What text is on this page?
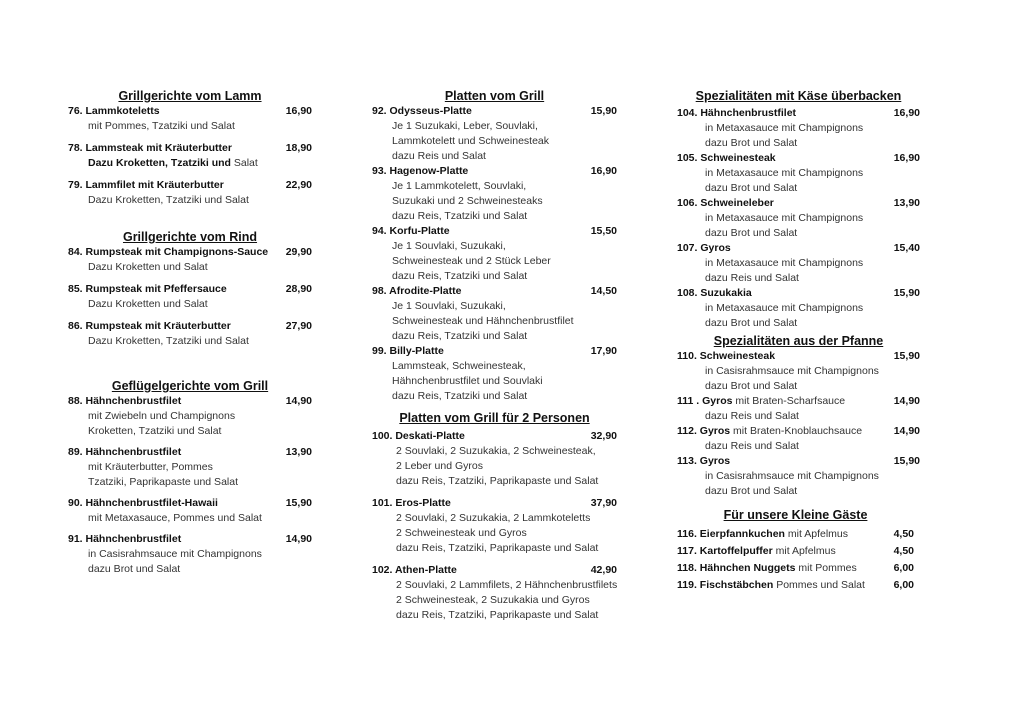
Grillgerichte vom Lamm
76. Lammkoteletts	16,90
mit Pommes, Tzatziki und Salat
78. Lammsteak mit Kräuterbutter	18,90
Dazu Kroketten, Tzatziki und Salat
79. Lammfilet mit Kräuterbutter	22,90
Dazu Kroketten, Tzatziki und Salat
Grillgerichte vom Rind
84. Rumpsteak mit Champignons-Sauce	29,90
Dazu Kroketten und Salat
85. Rumpsteak mit Pfeffersauce	28,90
Dazu Kroketten und Salat
86. Rumpsteak mit Kräuterbutter	27,90
Dazu Kroketten, Tzatziki und Salat
Geflügelgerichte vom Grill
88. Hähnchenbrustfilet	14,90
mit Zwiebeln und Champignons
Kroketten, Tzatziki und Salat
89. Hähnchenbrustfilet	13,90
mit Kräuterbutter, Pommes
Tzatziki, Paprikapaste und Salat
90. Hähnchenbrustfilet-Hawaii	15,90
mit Metaxasauce, Pommes und Salat
91. Hähnchenbrustfilet	14,90
in Casisrahmsauce mit Champignons
dazu Brot und Salat
Platten vom Grill
92. Odysseus-Platte	15,90
Je 1 Suzukaki, Leber, Souvlaki,
Lammkotelett und Schweinesteak
dazu Reis und Salat
93. Hagenow-Platte	16,90
Je 1 Lammkotelett, Souvlaki,
Suzukaki und 2 Schweinesteaks
dazu Reis, Tzatziki und Salat
94. Korfu-Platte	15,50
Je 1 Souvlaki, Suzukaki,
Schweinesteak und 2 Stück Leber
dazu Reis, Tzatziki und Salat
98. Afrodite-Platte	14,50
Je 1 Souvlaki, Suzukaki,
Schweinesteak und Hähnchenbrustfilet
dazu Reis, Tzatziki und Salat
99. Billy-Platte	17,90
Lammsteak, Schweinesteak,
Hähnchenbrustfilet und Souvlaki
dazu Reis, Tzatziki und Salat
Platten vom Grill für 2 Personen
100. Deskati-Platte	32,90
2 Souvlaki, 2 Suzukakia, 2 Schweinesteak,
2 Leber und Gyros
dazu Reis, Tzatziki, Paprikapaste und Salat
101. Eros-Platte	37,90
2 Souvlaki, 2 Suzukakia, 2 Lammkoteletts
2 Schweinesteak und Gyros
dazu Reis, Tzatziki, Paprikapaste und Salat
102. Athen-Platte	42,90
2 Souvlaki, 2 Lammfilets, 2 Hähnchenbrustfilets
2 Schweinesteak, 2 Suzukakia und Gyros
dazu Reis, Tzatziki, Paprikapaste und Salat
Spezialitäten mit Käse überbacken
104. Hähnchenbrustfilet	16,90
in Metaxasauce mit Champignons
dazu Brot und Salat
105. Schweinesteak	16,90
in Metaxasauce mit Champignons
dazu Brot und Salat
106. Schweineleber	13,90
in Metaxasauce mit Champignons
dazu Brot und Salat
107. Gyros	15,40
in Metaxasauce mit Champignons
dazu Reis und Salat
108. Suzukakia	15,90
in Metaxasauce mit Champignons
dazu Brot und Salat
Spezialitäten aus der Pfanne
110. Schweinesteak	15,90
in Casisrahmsauce mit Champignons
dazu Brot und Salat
111 . Gyros mit Braten-Scharfsauce	14,90
dazu Reis und Salat
112. Gyros mit Braten-Knoblauchsauce	14,90
dazu Reis und Salat
113. Gyros	15,90
in Casisrahmsauce mit Champignons
dazu Brot und Salat
Für unsere Kleine Gäste
116. Eierpfannkuchen mit Apfelmus	4,50
117. Kartoffelpuffer mit Apfelmus	4,50
118. Hähnchen Nuggets mit Pommes	6,00
119. Fischstäbchen Pommes und Salat	6,00
